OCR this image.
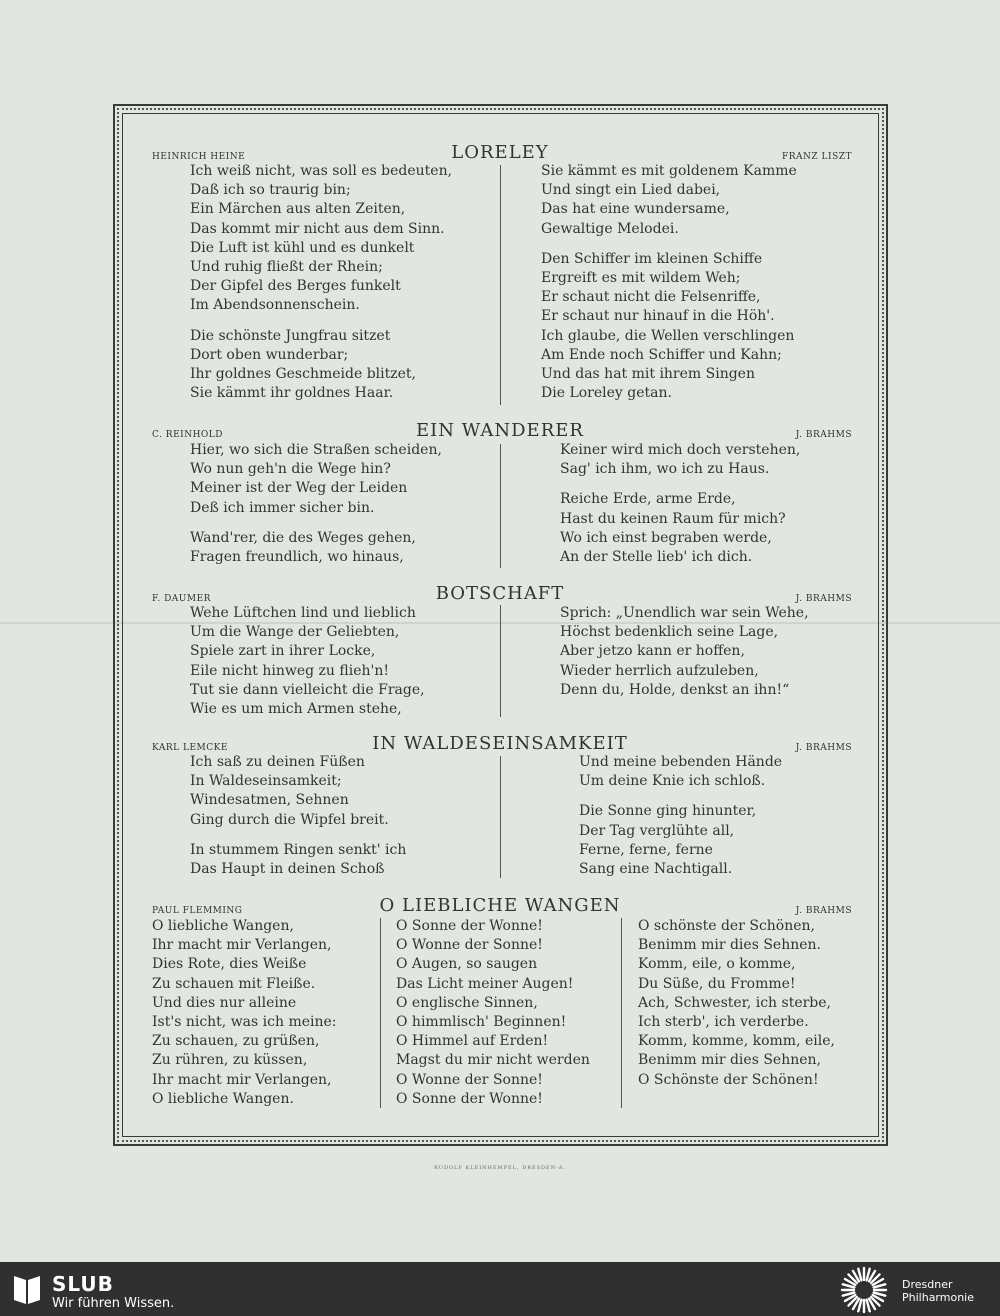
LORELEY
HEINRICH HEINE	FRANZ LISZT
Ich weiß nicht, was soll es bedeuten,
Daß ich so traurig bin;
Ein Märchen aus alten Zeiten,
Das kommt mir nicht aus dem Sinn.
Die Luft ist kühl und es dunkelt
Und ruhig fließt der Rhein;
Der Gipfel des Berges funkelt
Im Abendsonnenschein.
Die schönste Jungfrau sitzet
Dort oben wunderbar;
Ihr goldnes Geschmeide blitzet,
Sie kämmt ihr goldnes Haar.
Sie kämmt es mit goldenem Kamme
Und singt ein Lied dabei,
Das hat eine wundersame,
Gewaltige Melodei.
Den Schiffer im kleinen Schiffe
Ergreift es mit wildem Weh;
Er schaut nicht die Felsenriffe,
Er schaut nur hinauf in die Höh'.
Ich glaube, die Wellen verschlingen
Am Ende noch Schiffer und Kahn;
Und das hat mit ihrem Singen
Die Loreley getan.
EIN WANDERER
C. REINHOLD	J. BRAHMS
Hier, wo sich die Straßen scheiden,
Wo nun geh'n die Wege hin?
Meiner ist der Weg der Leiden
Deß ich immer sicher bin.
Wand'rer, die des Weges gehen,
Fragen freundlich, wo hinaus,
Keiner wird mich doch verstehen,
Sag' ich ihm, wo ich zu Haus.
Reiche Erde, arme Erde,
Hast du keinen Raum für mich?
Wo ich einst begraben werde,
An der Stelle lieb' ich dich.
BOTSCHAFT
F. DAUMER	J. BRAHMS
Wehe Lüftchen lind und lieblich
Um die Wange der Geliebten,
Spiele zart in ihrer Locke,
Eile nicht hinweg zu flieh'n!
Tut sie dann vielleicht die Frage,
Wie es um mich Armen stehe,
Sprich: „Unendlich war sein Wehe,
Höchst bedenklich seine Lage,
Aber jetzo kann er hoffen,
Wieder herrlich aufzuleben,
Denn du, Holde, denkst an ihn!“
IN WALDESEINSAMKEIT
KARL LEMCKE	J. BRAHMS
Ich saß zu deinen Füßen
In Waldeseinsamkeit;
Windesatmen, Sehnen
Ging durch die Wipfel breit.
In stummem Ringen senkt' ich
Das Haupt in deinen Schoß
Und meine bebenden Hände
Um deine Knie ich schloß.
Die Sonne ging hinunter,
Der Tag verglühte all,
Ferne, ferne, ferne
Sang eine Nachtigall.
O LIEBLICHE WANGEN
PAUL FLEMMING	J. BRAHMS
O liebliche Wangen,
Ihr macht mir Verlangen,
Dies Rote, dies Weiße
Zu schauen mit Fleiße.
Und dies nur alleine
Ist's nicht, was ich meine:
Zu schauen, zu grüßen,
Zu rühren, zu küssen,
Ihr macht mir Verlangen,
O liebliche Wangen.
O Sonne der Wonne!
O Wonne der Sonne!
O Augen, so saugen
Das Licht meiner Augen!
O englische Sinnen,
O himmlisch' Beginnen!
O Himmel auf Erden!
Magst du mir nicht werden
O Wonne der Sonne!
O Sonne der Wonne!
O schönste der Schönen,
Benimm mir dies Sehnen.
Komm, eile, o komme,
Du Süße, du Fromme!
Ach, Schwester, ich sterbe,
Ich sterb', ich verderbe.
Komm, komme, komm, eile,
Benimm mir dies Sehnen,
O Schönste der Schönen!
RUDOLF KLEINHEMPEL, DRESDEN-A.
SLUB
Wir führen Wissen.
Dresdner
Philharmonie
